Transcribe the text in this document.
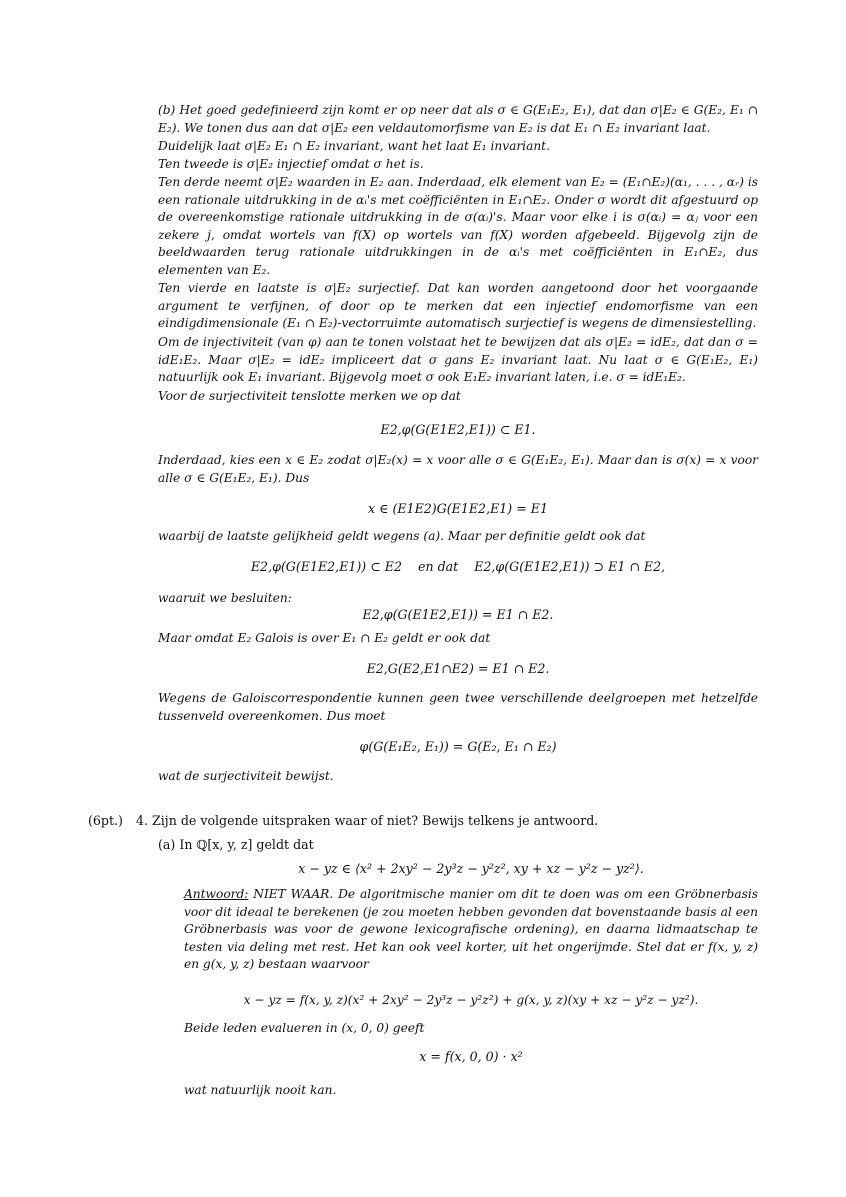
(b) Het goed gedefinieerd zijn komt er op neer dat als σ ∈ G(E₁E₂, E₁), dat dan σ|E₂ ∈ G(E₂, E₁ ∩ E₂). We tonen dus aan dat σ|E₂ een veldautomorfisme van E₂ is dat E₁ ∩ E₂ invariant laat.

Duidelijk laat σ|E₂ E₁ ∩ E₂ invariant, want het laat E₁ invariant.

Ten tweede is σ|E₂ injectief omdat σ het is.

Ten derde neemt σ|E₂ waarden in E₂ aan. Inderdaad, elk element van E₂ = (E₁∩E₂)(α₁, . . . , αᵣ) is een rationale uitdrukking in de αᵢ's met coëfficiënten in E₁∩E₂. Onder σ wordt dit afgestuurd op de overeenkomstige rationale uitdrukking in de σ(αᵢ)'s. Maar voor elke i is σ(αᵢ) = αⱼ voor een zekere j, omdat wortels van f(X) op wortels van f(X) worden afgebeeld. Bijgevolg zijn de beeldwaarden terug rationale uitdrukkingen in de αᵢ's met coëfficiënten in E₁∩E₂, dus elementen van E₂.

Ten vierde en laatste is σ|E₂ surjectief. Dat kan worden aangetoond door het voorgaande argument te verfijnen, of door op te merken dat een injectief endomorfisme van een eindigdimensionale (E₁ ∩ E₂)-vectorruimte automatisch surjectief is wegens de dimensiestelling.

Om de injectiviteit (van φ) aan te tonen volstaat het te bewijzen dat als σ|E₂ = idE₂, dat dan σ = idE₁E₂. Maar σ|E₂ = idE₂ impliceert dat σ gans E₂ invariant laat. Nu laat σ ∈ G(E₁E₂, E₁) natuurlijk ook E₁ invariant. Bijgevolg moet σ ook E₁E₂ invariant laten, i.e. σ = idE₁E₂.

Voor de surjectiviteit tenslotte merken we op dat

E2,φ(G(E1E2,E1)) ⊂ E1.

Inderdaad, kies een x ∈ E₂ zodat σ|E₂(x) = x voor alle σ ∈ G(E₁E₂, E₁). Maar dan is σ(x) = x voor alle σ ∈ G(E₁E₂, E₁). Dus

x ∈ (E1E2)G(E1E2,E1) = E1

waarbij de laatste gelijkheid geldt wegens (a). Maar per definitie geldt ook dat

E2,φ(G(E1E2,E1)) ⊂ E2 en dat E2,φ(G(E1E2,E1)) ⊃ E1 ∩ E2,

waaruit we besluiten:

E2,φ(G(E1E2,E1)) = E1 ∩ E2.

Maar omdat E₂ Galois is over E₁ ∩ E₂ geldt er ook dat

E2,G(E2,E1∩E2) = E1 ∩ E2.

Wegens de Galoiscorrespondentie kunnen geen twee verschillende deelgroepen met hetzelfde tussenveld overeenkomen. Dus moet

φ(G(E₁E₂, E₁)) = G(E₂, E₁ ∩ E₂)

wat de surjectiviteit bewijst.

(6pt.) 4. Zijn de volgende uitspraken waar of niet? Bewijs telkens je antwoord.

(a) In ℚ[x, y, z] geldt dat

x − yz ∈ ⟨x² + 2xy² − 2y³z − y²z², xy + xz − y²z − yz²⟩.

Antwoord: NIET WAAR. De algoritmische manier om dit te doen was om een Gröbnerbasis voor dit ideaal te berekenen (je zou moeten hebben gevonden dat bovenstaande basis al een Gröbnerbasis was voor de gewone lexicografische ordening), en daarna lidmaatschap te testen via deling met rest. Het kan ook veel korter, uit het ongerijmde. Stel dat er f(x, y, z) en g(x, y, z) bestaan waarvoor

x − yz = f(x, y, z)(x² + 2xy² − 2y³z − y²z²) + g(x, y, z)(xy + xz − y²z − yz²).

Beide leden evalueren in (x, 0, 0) geeft

x = f(x, 0, 0) · x²

wat natuurlijk nooit kan.
